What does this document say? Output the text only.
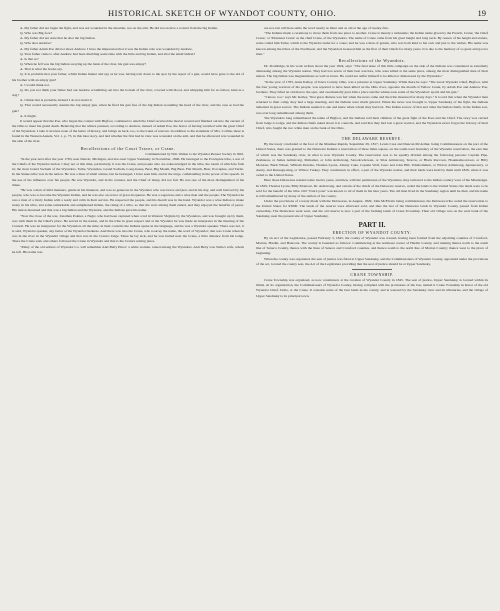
HISTORICAL SKETCH OF WYANDOT COUNTY, OHIO.	19

A. My father did not begin the fight, and was not wounded in the shoulder, nor on the arm. He did not receive a wound from the big Indian.

Q. Who was Big-foot?

A. My father did not state that he shot the big Indian.

Q. Who shot Andrew?

A. My father Adam Poe did not shoot Andrew. I have the impression that it was the Indian who was wounded by Andrew.

Q. Your father came to after Andrew had been disabling some time with the little and big Indian, and shot the small Indian?

A. Is that so?

Q. When he fell was the big Indian swaying up the bank of the river, his gun was empty?

A. That is what the books say.

Q. It is probable that your father, whilst Indian hunter and spy as he was, having tom down to the spot by the report of a gun, would have gone to the aid of his brother with an empty gun?

A. I would think not.

Q. Do you not think your father had our Andrew scrambling out into the bottom of the river, covered with blood, and whipping him for no fellow, kind as a dog?

A. I think that is probable, Indeed I do not doubt it.

Q. That would necessarily assume the big empty gun, when he fired his gun free of the big Indian wounding the head of the river, and the case so had the gun?

A. It might.

It would appear that the Poe, who began the contest with Bigfoot, continued to smell the Chief received the mortal wound and finished out into the current of the Ohio to meet his grand death. Believing that the whites pursued, according to Andrew, instead of Adam Poe, the honor of having wrestled with the great Chief of the Wyandots. I take it receives none of the lustre of history, and brings us back, too, to the truest of renown. In addition to the statement of Mrs. Collins, there is found in the Western Annals, Vol. 1, p. 75, in this later story, and tied whether the first had in view was wounded on the arm, and that he afterward was wounded in the side of the river.

Recollections of the Court Tracer, or Crane.

Communicated by Wm. Walker to the Wyandot Pioneer Society in 1843.

"In the year next after the year 1783, near Detroit, Michigan, and also near Upper Sandusky in November, 1846. He belonged to the Porcupine tribe, a son of the Chiefs of the Wyandot nation. I may not at this time, particularly, it was the Crane, and people who are acknowledged in the tribe, the totem of which he falls in; the most Grand Sachem of the Wyandots, Tarhe, Wyandots, Grand Sachem, Long-house, Bear, Big Mouth, Big Bear, Flat Mouth, Bear, Porcupine, and Turtle. In the Snake-tribe was in the nation. He was a man of small stature, but he belonged. I have seen him, and in the large, commanding in the power of his speech. In the use of his influence over his people. He was Wyandot, and in his counsel, and the Chief of many, did not fail. He was one of the most distinguished of his times.

"He was a man of mild manners, gentle in his manners, and was as generous in the Wyandot who was brave and just, and in his day, and well beloved by his people, who was to become the Wyandot Indian, and he was also an orator of great eloquence. He was a sagacious and a wise man and the people. The Wyandot he was a man of a lively Indian with a ready and calm in their service. He respected the people, and his mouth was in the hand. Wyandot was a wise Indian to make treaty in his tribe, and some remarkable and enlightened Indian, the rising of a tribe, so that the wars among them ended, and they enjoyed the benefits of peace. His nation mourned and that was a big Indian and the Wyandot, and the Indians gave his name.

"Now the close of the war, Jonathan Pointer, a Negro who had been captured when a lad in Western Virginia by the Wyandots, and was brought up by them, was with them in the Chief's place. He served in the nation, and in the tribe in great respect and at the Wyandot he was made an interpreter in the meeting of the Council. He was an interpreter for the Wyandots all the time; in their councils the Indians spoke in the language, and he was a Wyandot speaker. There was not, it is said, Wyandot speaker, any better at the Wyandot business. And there was also the Crane, who took up the name, the word of Wyandot; that was Crane when he was in the river in the Wyandot village and that was in the Crane's lodge. There he lay sick, and he was buried near the Crane, a little distance from his lodge. There the Crane said, and others followed the Crane in Wyandot and that is the Crane's resting place.

"Many of the old settlers of Wyandot Co. will remember Anti Betty Pinot,' a white woman, raised among the Wyandots. Anti Betty was Tarhe's wife, whom he left. His name was

are not, but will here settle the word nearly as bitter and as old at the age of twenty-five.

"The Indians made a ceremony to move them from one place to another. Crane is merely a nickname; the Indian name given by the French, Crane; 'the Chief Crane,' or 'Monsieur Crane' as the chief Crane, of the Wyandots. The name of Crane came from his great height and long neck. By reason of his height and stature, some called him Tarhe, which is the Wyandot name for a crane; and he was a man of genius, who was both kind to his own and just to the whites. His name was known among the tribes of the Northwest, and the Wyandots honored him as the first of their Chiefs for many years. It is due to the memory of so great and good a man."

Recollections of the Wyandots.

Dr. Doddridge, in his work written about the year 1824, says: "The fatal issue of this little campaign on the side of the Indians was considered as extremely distressing among the Wyandot nation. They had lost seven of their best warriors, who were killed at the same place, among the most distinguished men of their nation. The big Indian was magnanimous as well as brave. He could not suffer himself to be killed or dishonored by the Wyandots."

"In the year of 1783, Anna Kelley, of Knox County, Ohio, was a prisoner at Upper Sandusky. While there he says: "The Great Wyandot Chief, Bigfoot, with the four young warriors of his people, was reported to have been killed on the Ohio river, opposite the mouth of Yellow Creek, by Adam Poe and Andrew Poe, brothers. They lifted an old man to the spot, and ceremonially gave him a place and the whites took some of the Wyandots' spoils and his gun."

"I know, too," says Mr. Kelley, "that great distress was felt when the news came and the tribe mourned for many days." It is told that when the Wyandot men returned to their camp, they had a large meeting, and the Indians were much grieved. When the news was brought to Upper Sandusky of the fight, the Indians lamented in great sorrow. The Indians seemed to ask and knew when whom they had lost. The Indian sorrow of that and other the Indian chiefs, in the Indian sort, was ever long remembered among them.

The Wyandots long remembered the name of Bigfoot, and the Indians told their children of the great fight of the Poes and the Chief. The story was carried from lodge to lodge, and the Indian chiefs asked about it at councils, and said that they had lost a great warrior, and the Wyandots never forgot the bravery of their Chief, who fought the two white men on the bank of the Ohio.

THE DELAWARE RESERVE.

By the treaty concluded at the foot of the Maumee Rapids, September 29, 1817, Lewis Cass and Duncan McArthur, being Commissioners on the part of the United States, there was granted to the Delaware Indians a reservation of three miles square, on the south-west boundary of the Wyandot reservation, the east line of which was the Sandusky river, in what is now Wyandot County. The reservation was to be equally divided among the following persons: Captain Pipe, Zeshauau, or James Armstrong, Mahomet, or John Armstrong, Sanodowhowen, or Silas Armstrong, Teorow, or Black Raccoon, Hounkamooxtoon, or Billy Montour, Buck Wheat, William Dondee, Thomas Lyons, Johnny Cake, Captain Wolf, Isaac and John Hill, Tahahommen, or Widow Armstrong, Ayenarourry, or Aunty, and Renauga-mug, or Widow Turkey. They constituted, in effect, a part of the Wyandot nation, and their lands were held by them until 1829, when it was ceded to the United States.

Here those Delawares resided some twelve years, and then, with the permission of the Wyandots, they removed to the Indian country west of the Mississippi. In 1829, Thomas Lyons, Billy Montour, Dr. Armstrong, and certain of the chiefs of the Delaware reserve, ceded the lands to the United States; the lands were to be sold for the benefit of the tribe. Old "Tom Lyons" was known to all of them in his later years. The old man lived in the Sandusky region until he died, and his name is still remembered by many of the settlers of the county.

Under the provisions of a treaty made with the Delawares, in August, 1829, John McElvain being commissioner, the Delaware tribe ceded the reservation to the United States for $3000. The lands of the reserve were afterward sold, and thus the last of the Delaware lands in Wyandot County passed from Indian ownership. The Delawares went west, and the old reserve is now a part of the farming lands of Crane Township. Their old village was on the west bank of the Sandusky, near the present site of Upper Sandusky.

PART II.
ERECTION OF WYANDOT COUNTY.

By an Act of the Legislature, passed February 3, 1845, the county of Wyandot was created, having been formed from the adjoining counties of Crawford, Marion, Hardin, and Hancock. The county is bounded as follows: Commencing at the northeast corner of Hardin County, and running thence north to the south line of Seneca County, thence with the lines of Seneca and Crawford counties, and thence south to the north line of Marion County; thence west to the place of beginning.

When the county was organized, the seat of justice was fixed at Upper Sandusky, and the Commissioners of Wyandot County, appointed under the provisions of the act, located the county seat, the Act of the Legislature providing that the seat of justice should be at Upper Sandusky.

CRANE TOWNSHIP.

Crane Township was organized, as now constituted, at the creation of Wyandot County in 1845. The seat of justice, Upper Sandusky, is located within its limits. At its organization, the Commissioners of Wyandot County, having complied with the provisions of the law, named it Crane Township in honor of the old Wyandot Chief, Tarhe, or the Crane. It contains some of the best lands in the county, and is watered by the Sandusky river and its tributaries, and the village of Upper Sandusky is its principal town.
